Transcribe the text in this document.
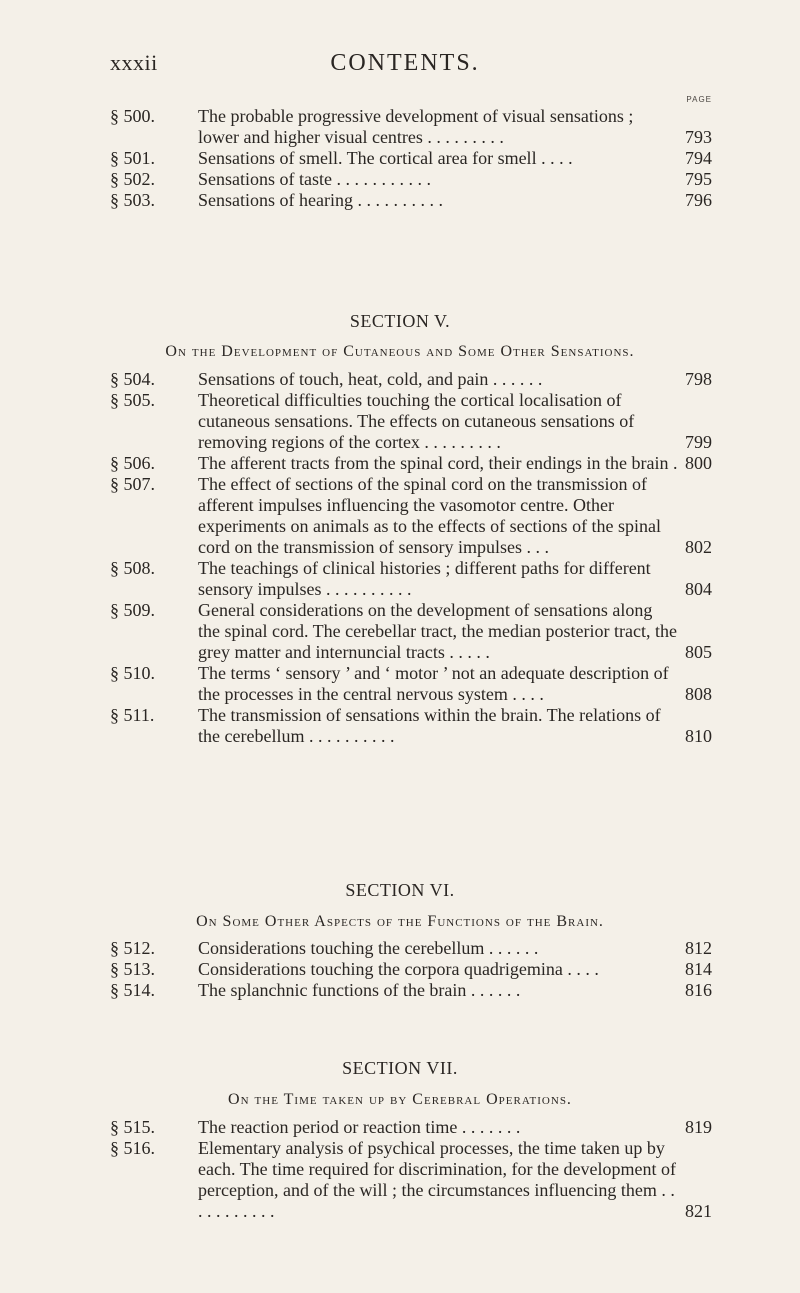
xxxii	CONTENTS.
PAGE
§ 500.	The probable progressive development of visual sensations ; lower and higher visual centres . . . . . . . . .	793
§ 501.	Sensations of smell. The cortical area for smell . . . .	794
§ 502.	Sensations of taste . . . . . . . . . . .	795
§ 503.	Sensations of hearing . . . . . . . . . .	796
SECTION V.
On the Development of Cutaneous and Some Other Sensations.
§ 504.	Sensations of touch, heat, cold, and pain . . . . . .	798
§ 505.	Theoretical difficulties touching the cortical localisation of cutaneous sensations. The effects on cutaneous sensations of removing regions of the cortex . . . . . . . . .	799
§ 506.	The afferent tracts from the spinal cord, their endings in the brain . 800
§ 507.	The effect of sections of the spinal cord on the transmission of afferent impulses influencing the vasomotor centre. Other experiments on animals as to the effects of sections of the spinal cord on the transmission of sensory impulses . . .	802
§ 508.	The teachings of clinical histories ; different paths for different sensory impulses . . . . . . . . . .	804
§ 509.	General considerations on the development of sensations along the spinal cord. The cerebellar tract, the median posterior tract, the grey matter and internuncial tracts . . . . .	805
§ 510.	The terms ‘ sensory ’ and ‘ motor ’ not an adequate description of the processes in the central nervous system . . . .	808
§ 511.	The transmission of sensations within the brain. The relations of the cerebellum . . . . . . . . . .	810
SECTION VI.
On Some Other Aspects of the Functions of the Brain.
§ 512.	Considerations touching the cerebellum . . . . . .	812
§ 513.	Considerations touching the corpora quadrigemina . . . .	814
§ 514.	The splanchnic functions of the brain . . . . . .	816
SECTION VII.
On the Time taken up by Cerebral Operations.
§ 515.	The reaction period or reaction time . . . . . . .	819
§ 516.	Elementary analysis of psychical processes, the time taken up by each. The time required for discrimination, for the development of perception, and of the will ; the circumstances influencing them . . . . . . . . . . .	821
